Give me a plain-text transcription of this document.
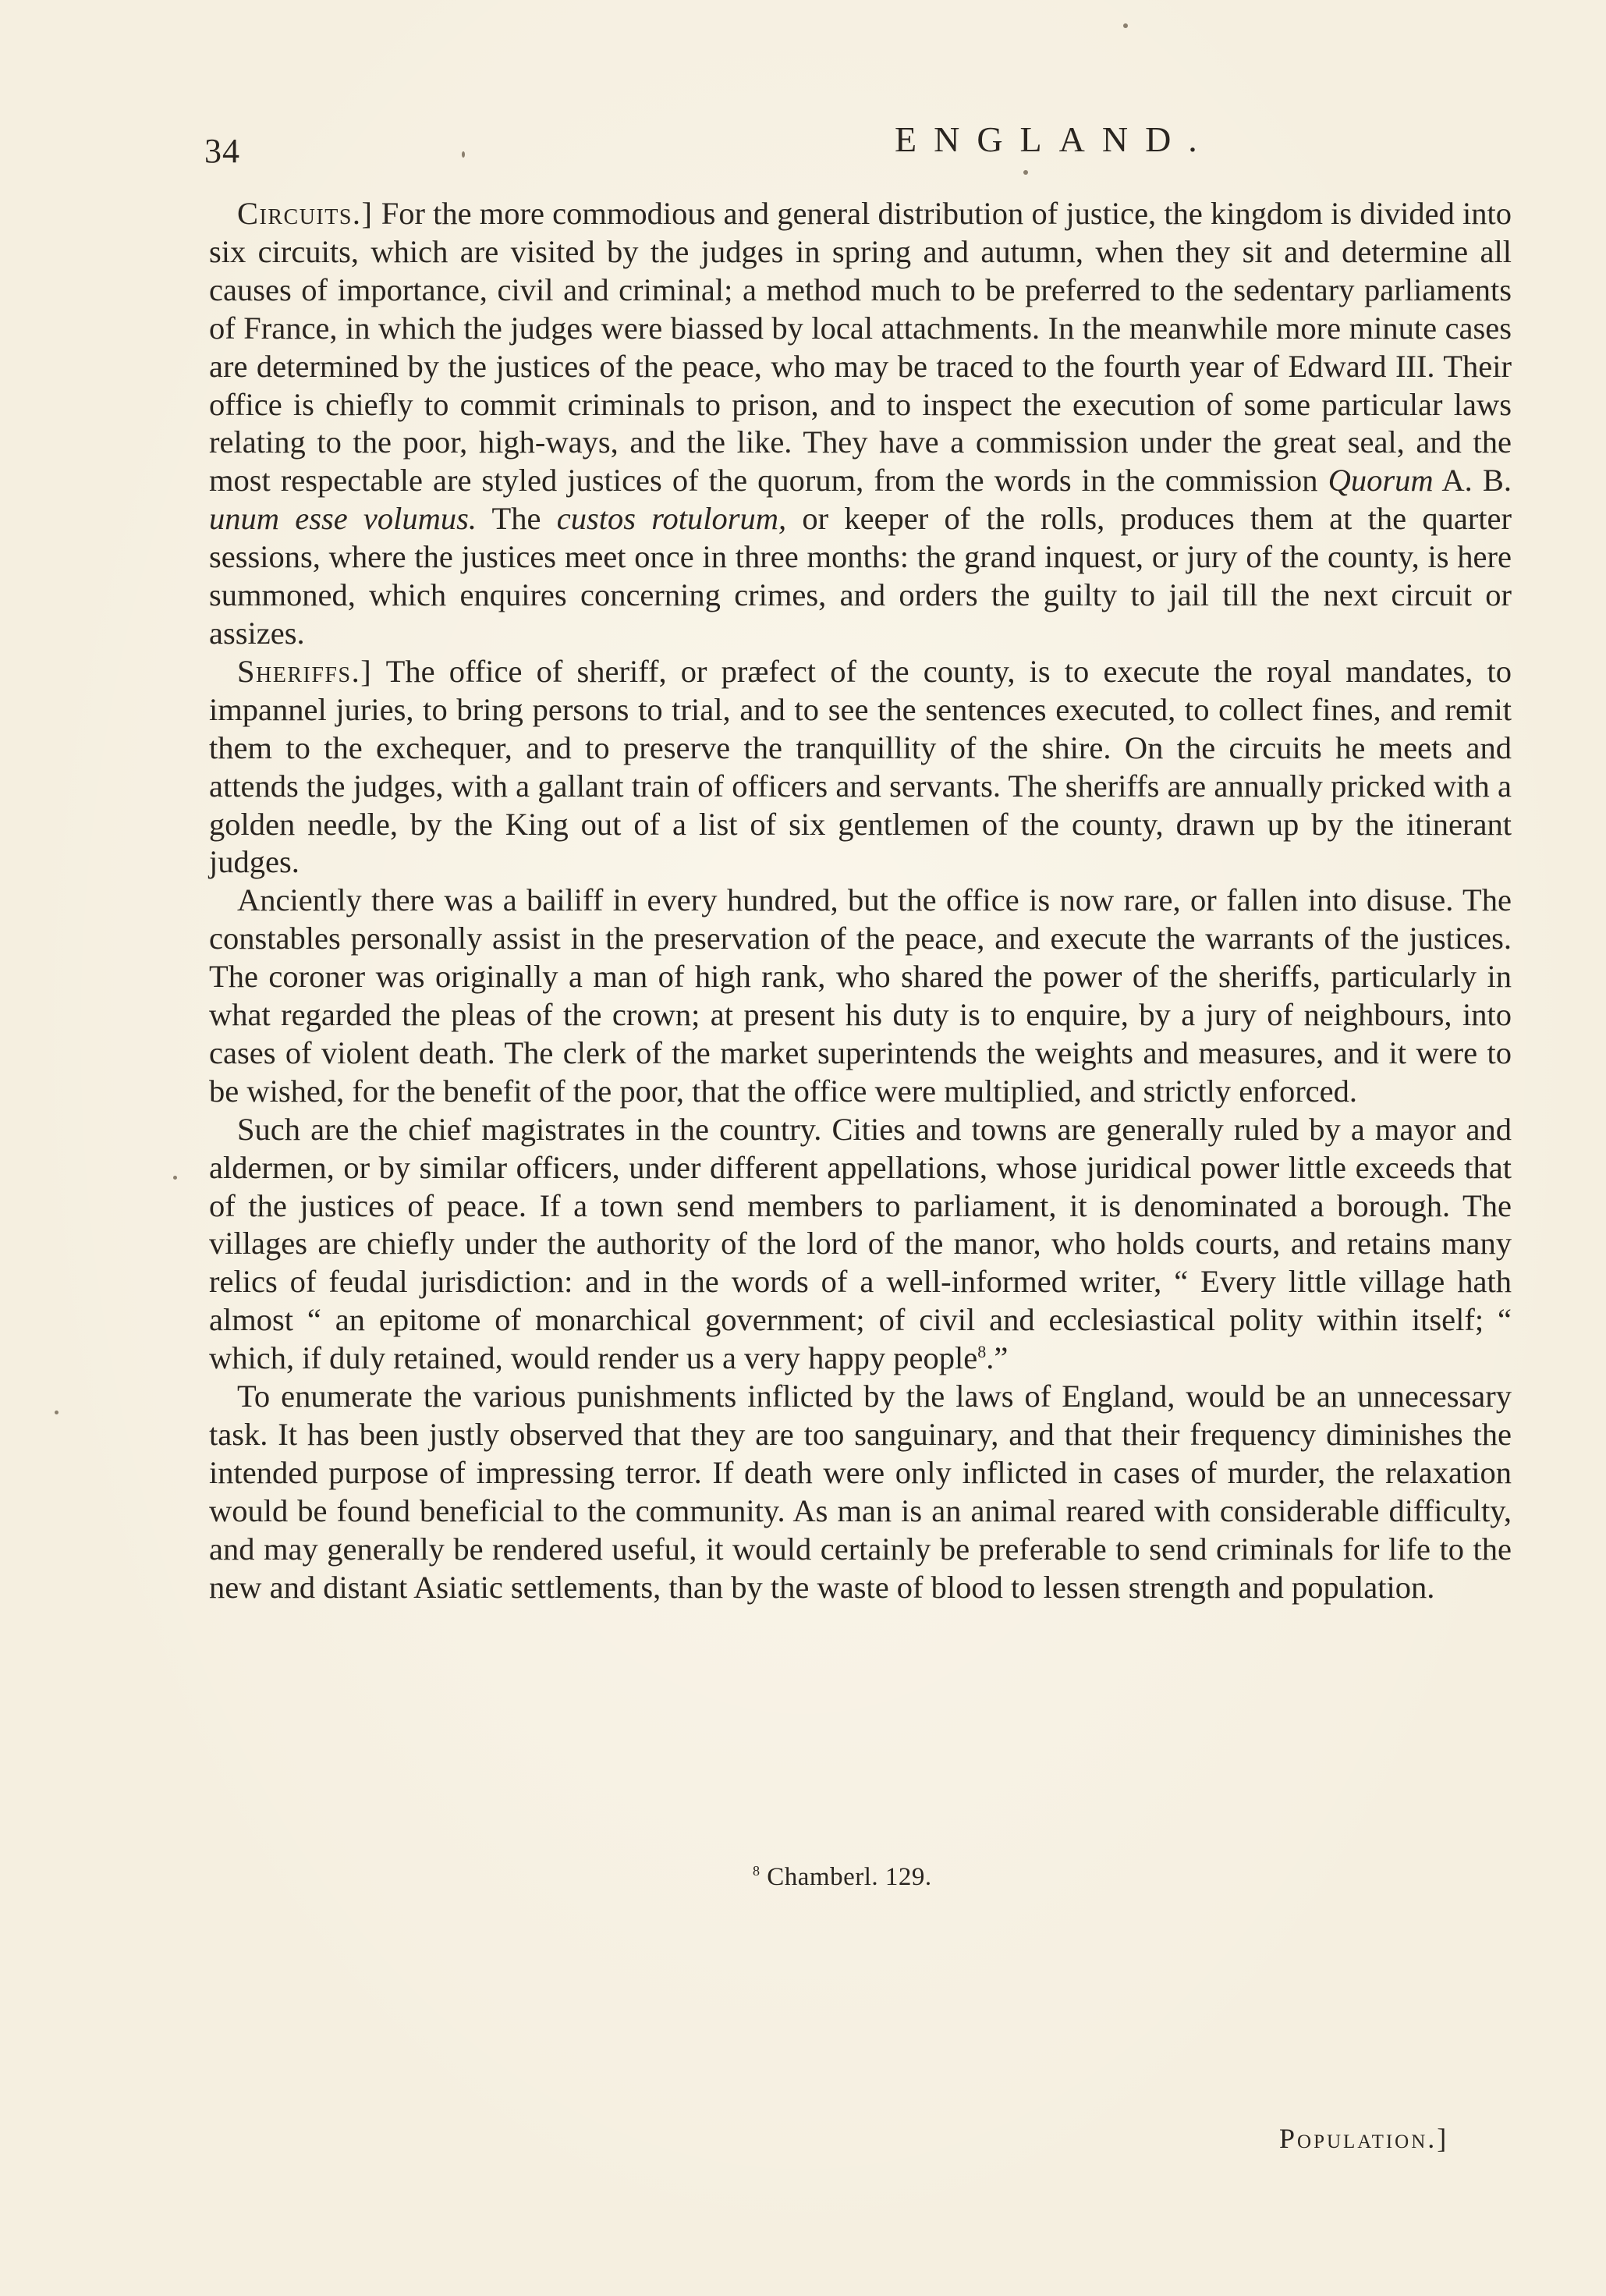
34	ENGLAND.

Circuits.] For the more commodious and general distribution of justice, the kingdom is divided into six circuits, which are visited by the judges in spring and autumn, when they sit and determine all causes of importance, civil and criminal; a method much to be preferred to the sedentary parliaments of France, in which the judges were biassed by local attachments. In the meanwhile more minute cases are determined by the justices of the peace, who may be traced to the fourth year of Edward III. Their office is chiefly to commit criminals to prison, and to inspect the execution of some particular laws relating to the poor, high-ways, and the like. They have a commission under the great seal, and the most respectable are styled justices of the quorum, from the words in the commission Quorum A. B. unum esse volumus. The custos rotulorum, or keeper of the rolls, produces them at the quarter sessions, where the justices meet once in three months: the grand inquest, or jury of the county, is here summoned, which enquires concerning crimes, and orders the guilty to jail till the next circuit or assizes.

Sheriffs.] The office of sheriff, or præfect of the county, is to execute the royal mandates, to impannel juries, to bring persons to trial, and to see the sentences executed, to collect fines, and remit them to the exchequer, and to preserve the tranquillity of the shire. On the circuits he meets and attends the judges, with a gallant train of officers and servants. The sheriffs are annually pricked with a golden needle, by the King out of a list of six gentlemen of the county, drawn up by the itinerant judges.

Anciently there was a bailiff in every hundred, but the office is now rare, or fallen into disuse. The constables personally assist in the preservation of the peace, and execute the warrants of the justices. The coroner was originally a man of high rank, who shared the power of the sheriffs, particularly in what regarded the pleas of the crown; at present his duty is to enquire, by a jury of neighbours, into cases of violent death. The clerk of the market superintends the weights and measures, and it were to be wished, for the benefit of the poor, that the office were multiplied, and strictly enforced.

Such are the chief magistrates in the country. Cities and towns are generally ruled by a mayor and aldermen, or by similar officers, under different appellations, whose juridical power little exceeds that of the justices of peace. If a town send members to parliament, it is denominated a borough. The villages are chiefly under the authority of the lord of the manor, who holds courts, and retains many relics of feudal jurisdiction: and in the words of a well-informed writer, “ Every little village hath almost “ an epitome of monarchical government; of civil and ecclesiastical polity within itself; “ which, if duly retained, would render us a very happy people$^8$.”

To enumerate the various punishments inflicted by the laws of England, would be an unnecessary task. It has been justly observed that they are too sanguinary, and that their frequency diminishes the intended purpose of impressing terror. If death were only inflicted in cases of murder, the relaxation would be found beneficial to the community. As man is an animal reared with considerable difficulty, and may generally be rendered useful, it would certainly be preferable to send criminals for life to the new and distant Asiatic settlements, than by the waste of blood to lessen strength and population.

$^8$ Chamberl. 129.
Population.]
